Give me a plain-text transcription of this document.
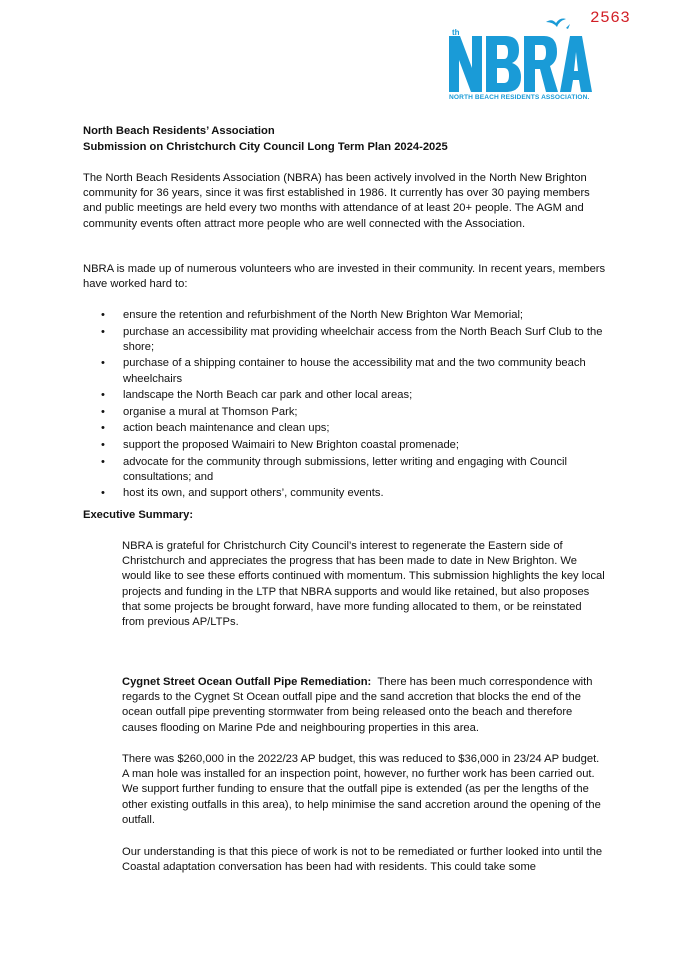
2563
th
NORTH BEACH RESIDENTS ASSOCIATION.

North Beach Residents’ Association

Submission on Christchurch City Council Long Term Plan 2024-2025

The North Beach Residents Association (NBRA) has been actively involved in the North New Brighton community for 36 years, since it was first established in 1986. It currently has over 30 paying members and public meetings are held every two months with attendance of at least 20+ people. The AGM and community events often attract more people who are well connected with the Association.

NBRA is made up of numerous volunteers who are invested in their community. In recent years, members have worked hard to:

• ensure the retention and refurbishment of the North New Brighton War Memorial;
• purchase an accessibility mat providing wheelchair access from the North Beach Surf Club to the shore;
• purchase of a shipping container to house the accessibility mat and the two community beach wheelchairs
• landscape the North Beach car park and other local areas;
• organise a mural at Thomson Park;
• action beach maintenance and clean ups;
• support the proposed Waimairi to New Brighton coastal promenade;
• advocate for the community through submissions, letter writing and engaging with Council consultations; and
• host its own, and support others’, community events.

Executive Summary:

NBRA is grateful for Christchurch City Council’s interest to regenerate the Eastern side of Christchurch and appreciates the progress that has been made to date in New Brighton. We would like to see these efforts continued with momentum. This submission highlights the key local projects and funding in the LTP that NBRA supports and would like retained, but also proposes that some projects be brought forward, have more funding allocated to them, or be reinstated from previous AP/LTPs.

Cygnet Street Ocean Outfall Pipe Remediation: There has been much correspondence with regards to the Cygnet St Ocean outfall pipe and the sand accretion that blocks the end of the ocean outfall pipe preventing stormwater from being released onto the beach and therefore causes flooding on Marine Pde and neighbouring properties in this area.

There was $260,000 in the 2022/23 AP budget, this was reduced to $36,000 in 23/24 AP budget. A man hole was installed for an inspection point, however, no further work has been carried out. We support further funding to ensure that the outfall pipe is extended (as per the lengths of the other existing outfalls in this area), to help minimise the sand accretion around the opening of the outfall.

Our understanding is that this piece of work is not to be remediated or further looked into until the Coastal adaptation conversation has been had with residents. This could take some
